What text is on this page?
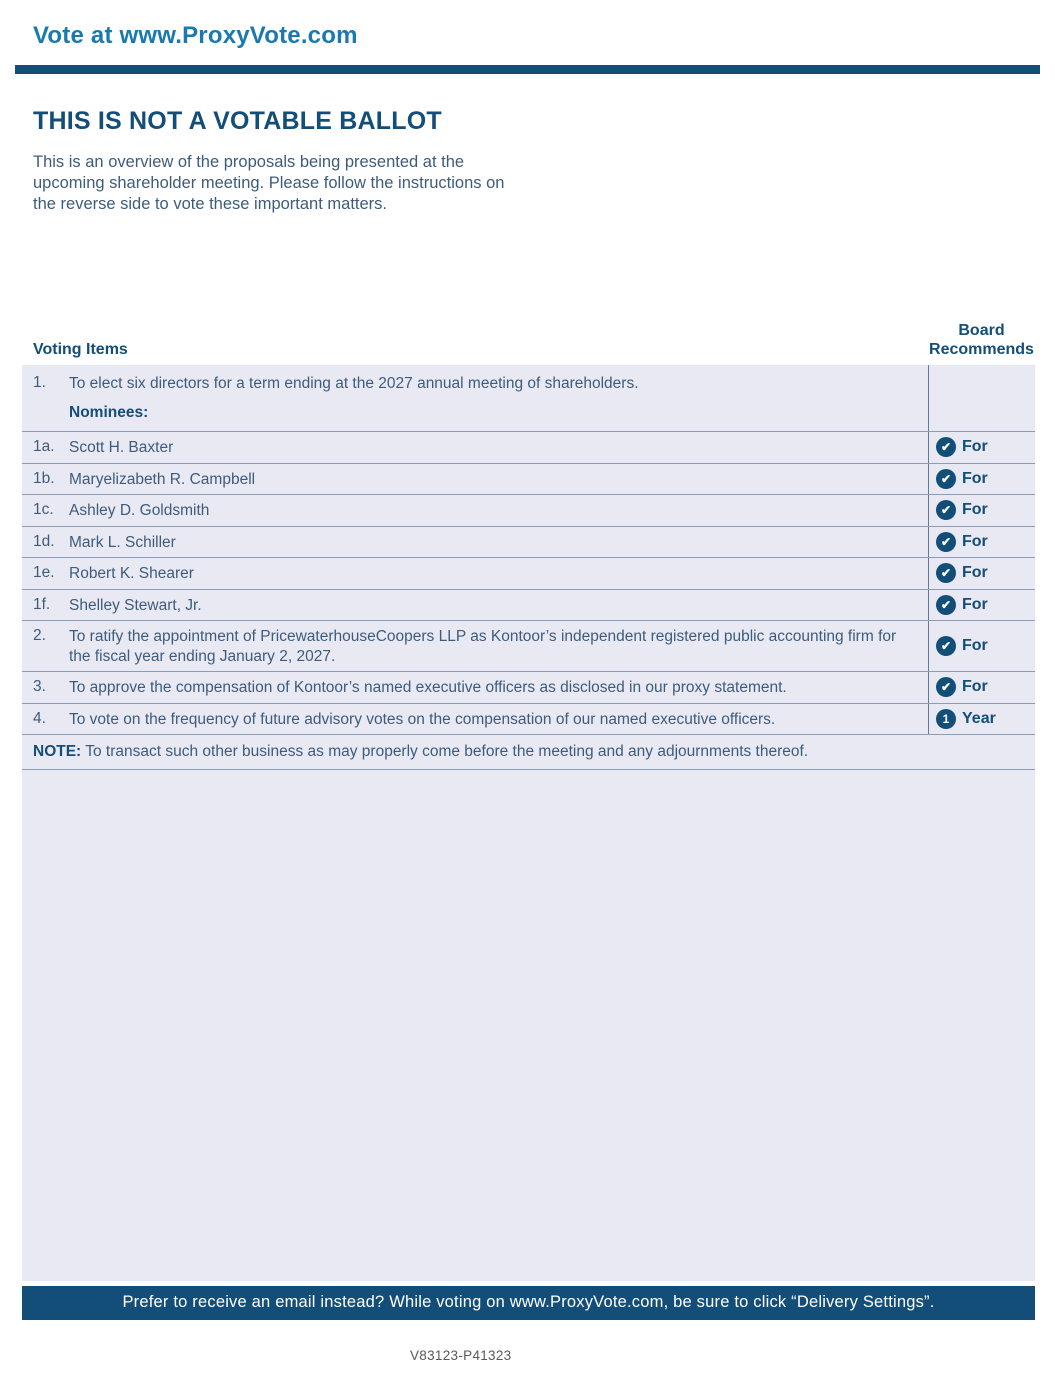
Vote at www.ProxyVote.com
THIS IS NOT A VOTABLE BALLOT
This is an overview of the proposals being presented at the upcoming shareholder meeting. Please follow the instructions on the reverse side to vote these important matters.
Voting Items
Board
Recommends
1.	To elect six directors for a term ending at the 2027 annual meeting of shareholders.
Nominees:
1a. Scott H. Baxter	✔ For
1b. Maryelizabeth R. Campbell	✔ For
1c. Ashley D. Goldsmith	✔ For
1d. Mark L. Schiller	✔ For
1e. Robert K. Shearer	✔ For
1f.	Shelley Stewart, Jr.	✔ For
2.	To ratify the appointment of PricewaterhouseCoopers LLP as Kontoor’s independent registered public accounting firm for the fiscal year ending January 2, 2027.
✔ For
3.	To approve the compensation of Kontoor’s named executive officers as disclosed in our proxy statement.	✔ For
4.	To vote on the frequency of future advisory votes on the compensation of our named executive officers.	1 Year
NOTE: To transact such other business as may properly come before the meeting and any adjournments thereof.
Prefer to receive an email instead? While voting on www.ProxyVote.com, be sure to click “Delivery Settings”.
V83123-P41323
